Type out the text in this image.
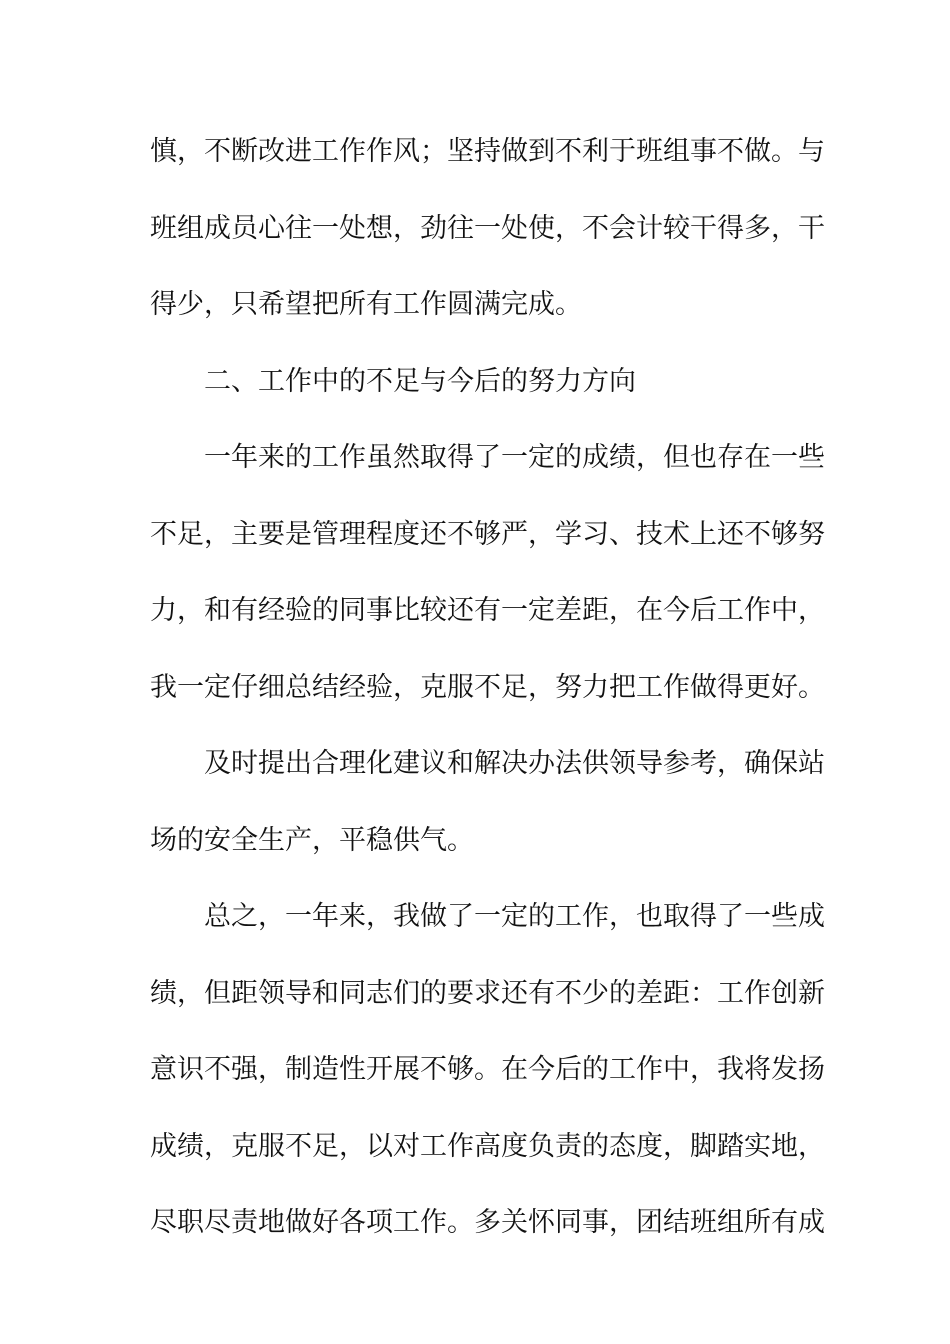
慎，不断改进工作作风；坚持做到不利于班组事不做。与
班组成员心往一处想，劲往一处使，不会计较干得多，干
得少，只希望把所有工作圆满完成。
二、工作中的不足与今后的努力方向
一年来的工作虽然取得了一定的成绩，但也存在一些
不足，主要是管理程度还不够严，学习、技术上还不够努
力，和有经验的同事比较还有一定差距，在今后工作中，
我一定仔细总结经验，克服不足，努力把工作做得更好。
及时提出合理化建议和解决办法供领导参考，确保站
场的安全生产，平稳供气。
总之，一年来，我做了一定的工作，也取得了一些成
绩，但距领导和同志们的要求还有不少的差距：工作创新
意识不强，制造性开展不够。在今后的工作中，我将发扬
成绩，克服不足，以对工作高度负责的态度，脚踏实地，
尽职尽责地做好各项工作。多关怀同事，团结班组所有成
